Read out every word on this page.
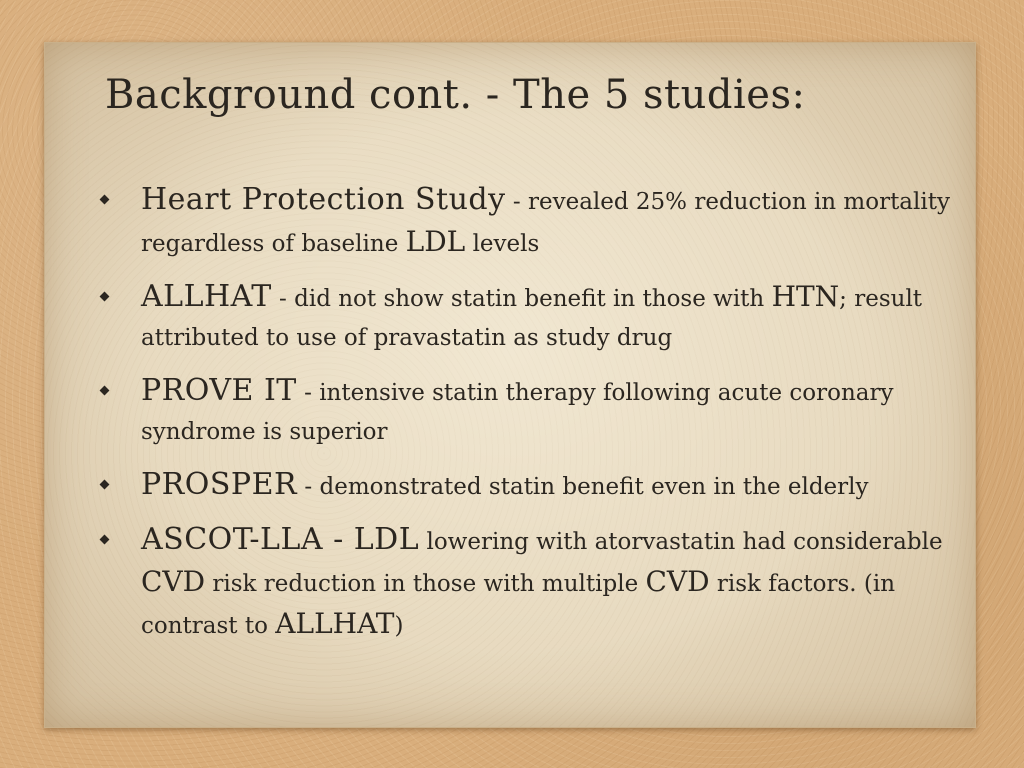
Background cont. - The 5 studies:
Heart Protection Study - revealed 25% reduction in mortality regardless of baseline LDL levels
ALLHAT - did not show statin benefit in those with HTN; result attributed to use of pravastatin as study drug
PROVE IT - intensive statin therapy following acute coronary syndrome is superior
PROSPER - demonstrated statin benefit even in the elderly
ASCOT-LLA - LDL lowering with atorvastatin had considerable CVD risk reduction in those with multiple CVD risk factors. (in contrast to ALLHAT)
